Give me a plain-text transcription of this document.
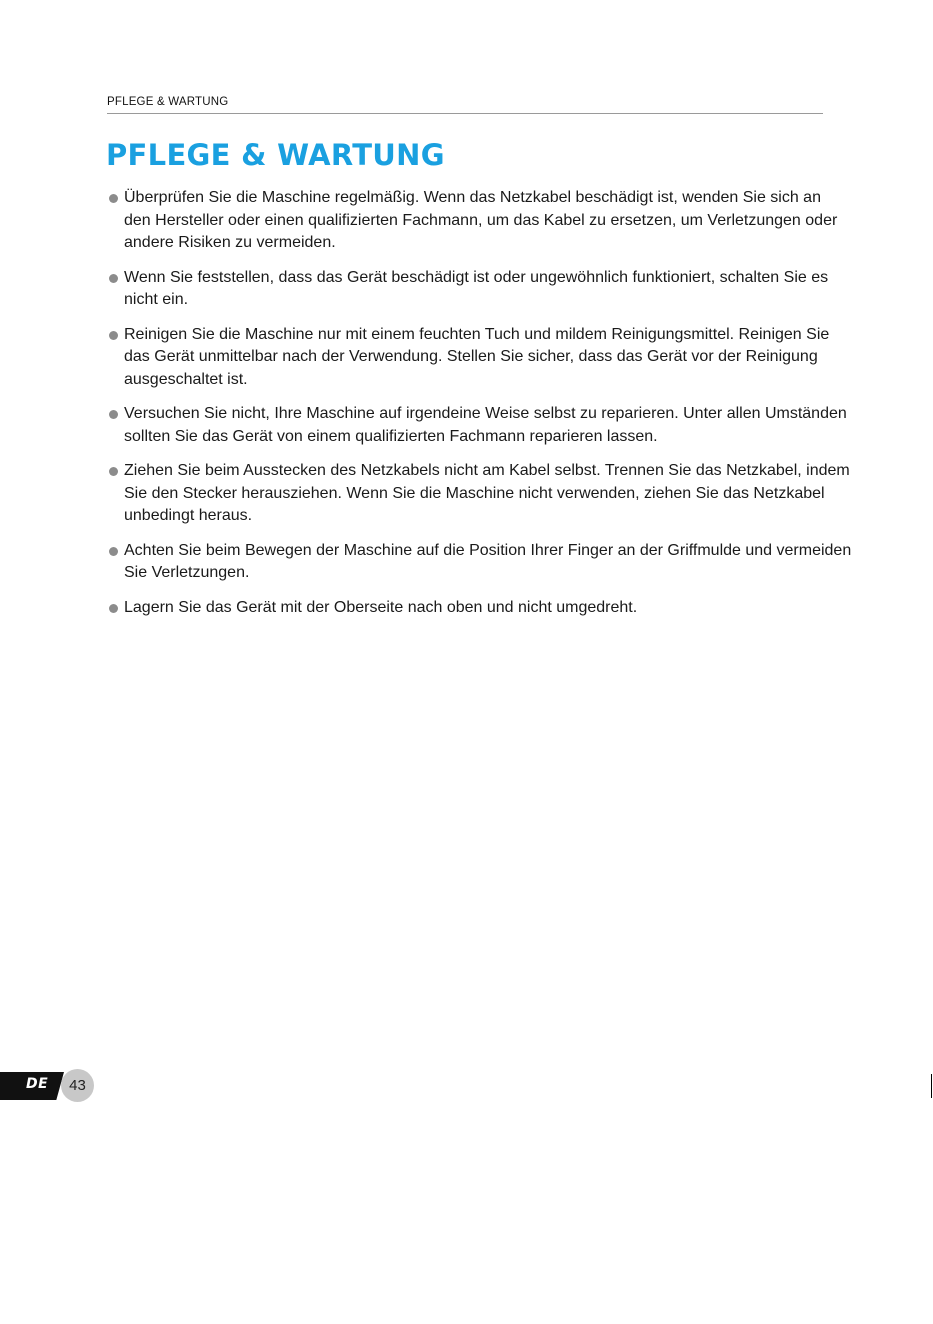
PFLEGE & WARTUNG
PFLEGE & WARTUNG
Überprüfen Sie die Maschine regelmäßig. Wenn das Netzkabel beschädigt ist, wenden Sie sich an den Hersteller oder einen qualifizierten Fachmann, um das Kabel zu ersetzen, um Verletzungen oder andere Risiken zu vermeiden.
Wenn Sie feststellen, dass das Gerät beschädigt ist oder ungewöhnlich funktioniert, schalten Sie es nicht ein.
Reinigen Sie die Maschine nur mit einem feuchten Tuch und mildem Reinigungsmittel. Reinigen Sie das Gerät unmittelbar nach der Verwendung. Stellen Sie sicher, dass das Gerät vor der Reinigung ausgeschaltet ist.
Versuchen Sie nicht, Ihre Maschine auf irgendeine Weise selbst zu reparieren. Unter allen Umständen sollten Sie das Gerät von einem qualifizierten Fachmann reparieren lassen.
Ziehen Sie beim Ausstecken des Netzkabels nicht am Kabel selbst. Trennen Sie das Netzkabel, indem Sie den Stecker herausziehen. Wenn Sie die Maschine nicht verwenden, ziehen Sie das Netzkabel unbedingt heraus.
Achten Sie beim Bewegen der Maschine auf die Position Ihrer Finger an der Griffmulde und vermeiden Sie Verletzungen.
Lagern Sie das Gerät mit der Oberseite nach oben und nicht umgedreht.
DE	43
